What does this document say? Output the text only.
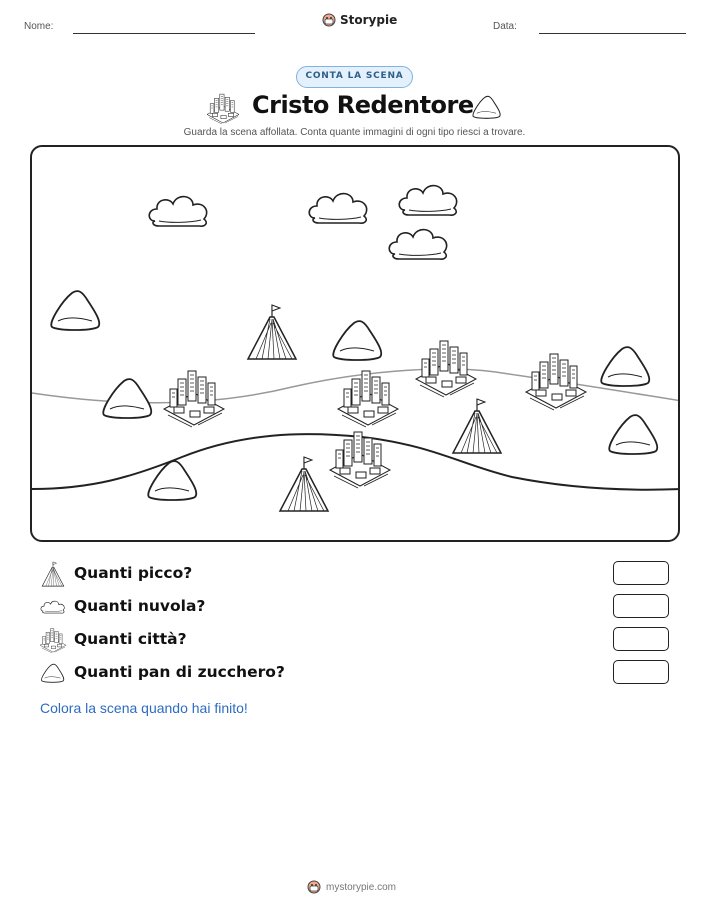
Nome:	Storypie	Data:
CONTA LA SCENA
Cristo Redentore
Guarda la scena affollata. Conta quante immagini di ogni tipo riesci a trovare.
Quanti picco?
Quanti nuvola?
Quanti città?
Quanti pan di zucchero?
Colora la scena quando hai finito!
mystorypie.com
